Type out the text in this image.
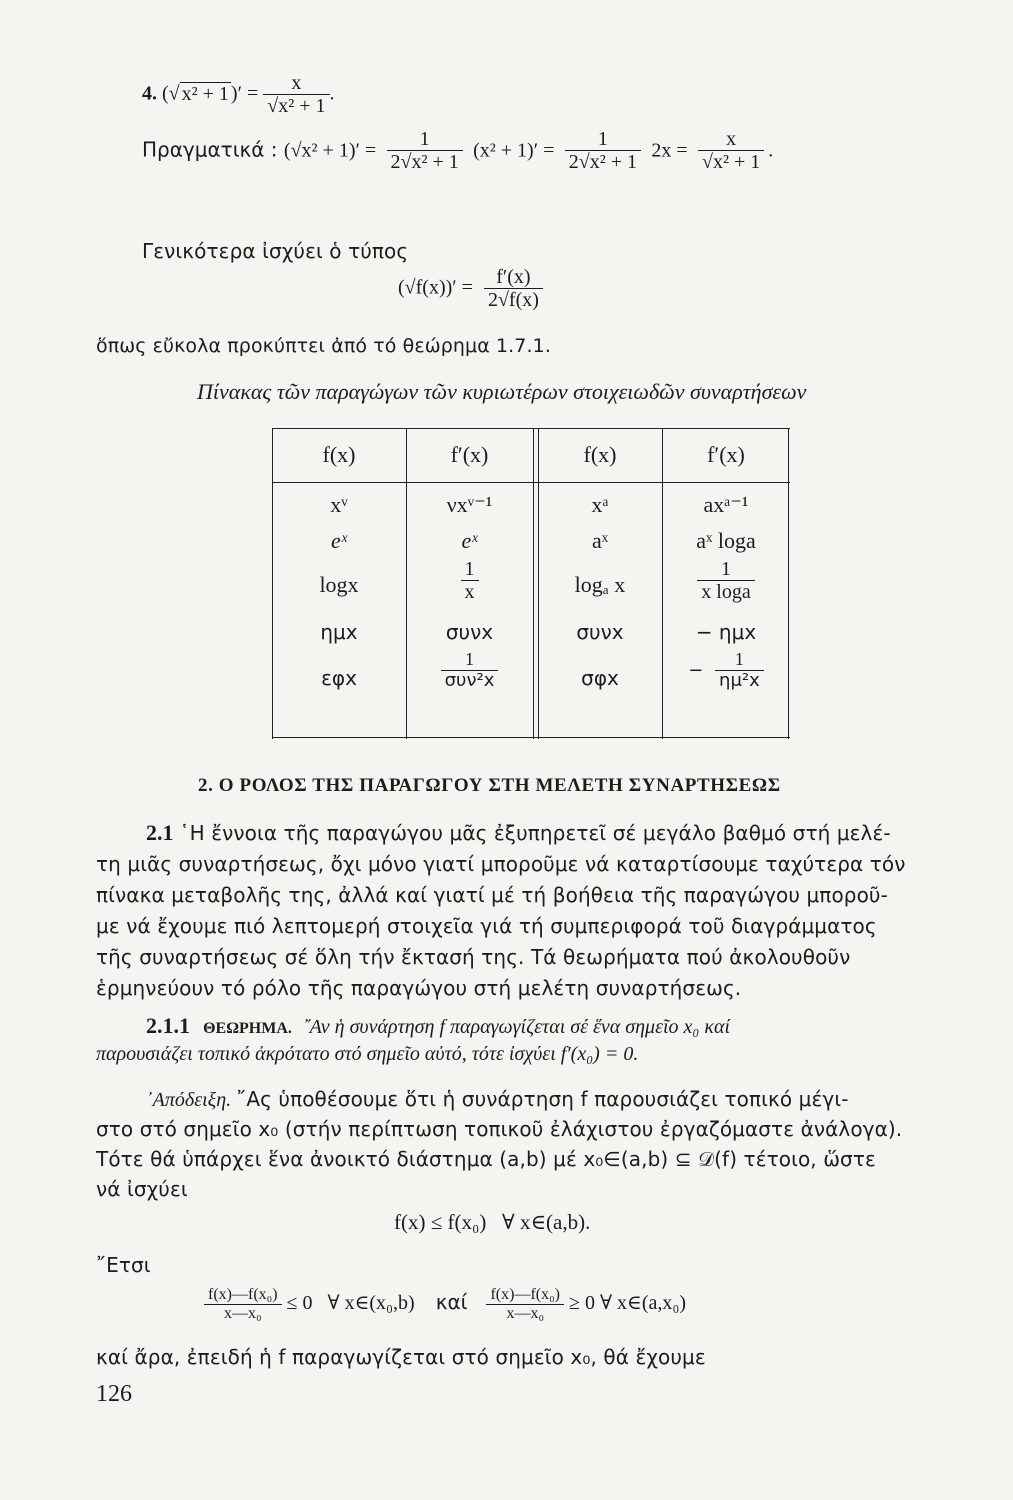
4. (√ x² + 1 )′ = $\frac{x}{\text{√x² + 1}}$ .
Πραγματικά : $(√x^2 + 1)' = \frac{1}{\text{2√x² + 1}} (x^2 + 1)' = \frac{1}{\text{2√x² + 1}} 2x = \frac{x}{\text{√x² + 1}}$ .
Γενικότερα ἰσχύει ὁ τύπος
$(√f(x))' = \frac{f'(x)}{2√f(x)}$
ὅπως εὔκολα προκύπτει ἀπό τό θεώρημα 1.7.1.
Πίνακας τῶν παραγώγων τῶν κυριωτέρων στοιχειωδῶν συναρτήσεων
f(x)	f′(x)	f(x)	f′(x)
xᵛ	νxᵛ⁻¹	xᵃ	axᵃ⁻¹
eˣ	eˣ	aˣ	aˣ loga
logx	$\frac{1}{x}$	logₐ x	$\frac{1}{\text{x loga}}$
ημx	συνx	συνx	− ημx
εφx	$\frac{1}{\text{συν²x}}$	σφx	− $\frac{1}{\text{ημ²x}}$
2. Ο ΡΟΛΟΣ ΤΗΣ ΠΑΡΑΓΩΓΟΥ ΣΤΗ ΜΕΛΕΤΗ ΣΥΝΑΡΤΗΣΕΩΣ
2.1 ῾Η ἔννοια τῆς παραγώγου μᾶς ἐξυπηρετεῖ σέ μεγάλο βαθμό στή μελέ-
τη μιᾶς συναρτήσεως, ὄχι μόνο γιατί μποροῦμε νά καταρτίσουμε ταχύτερα τόν
πίνακα μεταβολῆς της, ἀλλά καί γιατί μέ τή βοήθεια τῆς παραγώγου μποροῦ-
με νά ἔχουμε πιό λεπτομερή στοιχεῖα γιά τή συμπεριφορά τοῦ διαγράμματος
τῆς συναρτήσεως σέ ὅλη τήν ἔκτασή της. Τά θεωρήματα πού ἀκολουθοῦν
ἑρμηνεύουν τό ρόλο τῆς παραγώγου στή μελέτη συναρτήσεως.
2.1.1 ΘΕΩΡΗΜΑ. ῎Αν ἡ συνάρτηση f παραγωγίζεται σέ ἕνα σημεῖο x₀ καί
παρουσιάζει τοπικό ἀκρότατο στό σημεῖο αὐτό, τότε ἰσχύει f′(x₀) = 0.
᾿Απόδειξη. ῎Ας ὑποθέσουμε ὅτι ἡ συνάρτηση f παρουσιάζει τοπικό μέγι-
στο στό σημεῖο x₀ (στήν περίπτωση τοπικοῦ ἐλάχιστου ἐργαζόμαστε ἀνάλογα).
Τότε θά ὑπάρχει ἕνα ἀνοικτό διάστημα (a,b) μέ x₀∈(a,b) ⊆ 𝒟(f) τέτοιο, ὥστε
νά ἰσχύει
f(x) ≤ f(x₀)   ∀ x∈(a,b).
῎Ετσι
$\frac{\text{f(x)—f(x₀)}}{\text{x—x₀}} \le 0$   ∀ x∈(x₀,b) καί $\frac{\text{f(x)—f(x₀)}}{\text{x—x₀}} \ge 0$ ∀ x∈(a,x₀)
καί ἄρα, ἐπειδή ἡ f παραγωγίζεται στό σημεῖο x₀, θά ἔχουμε
126
